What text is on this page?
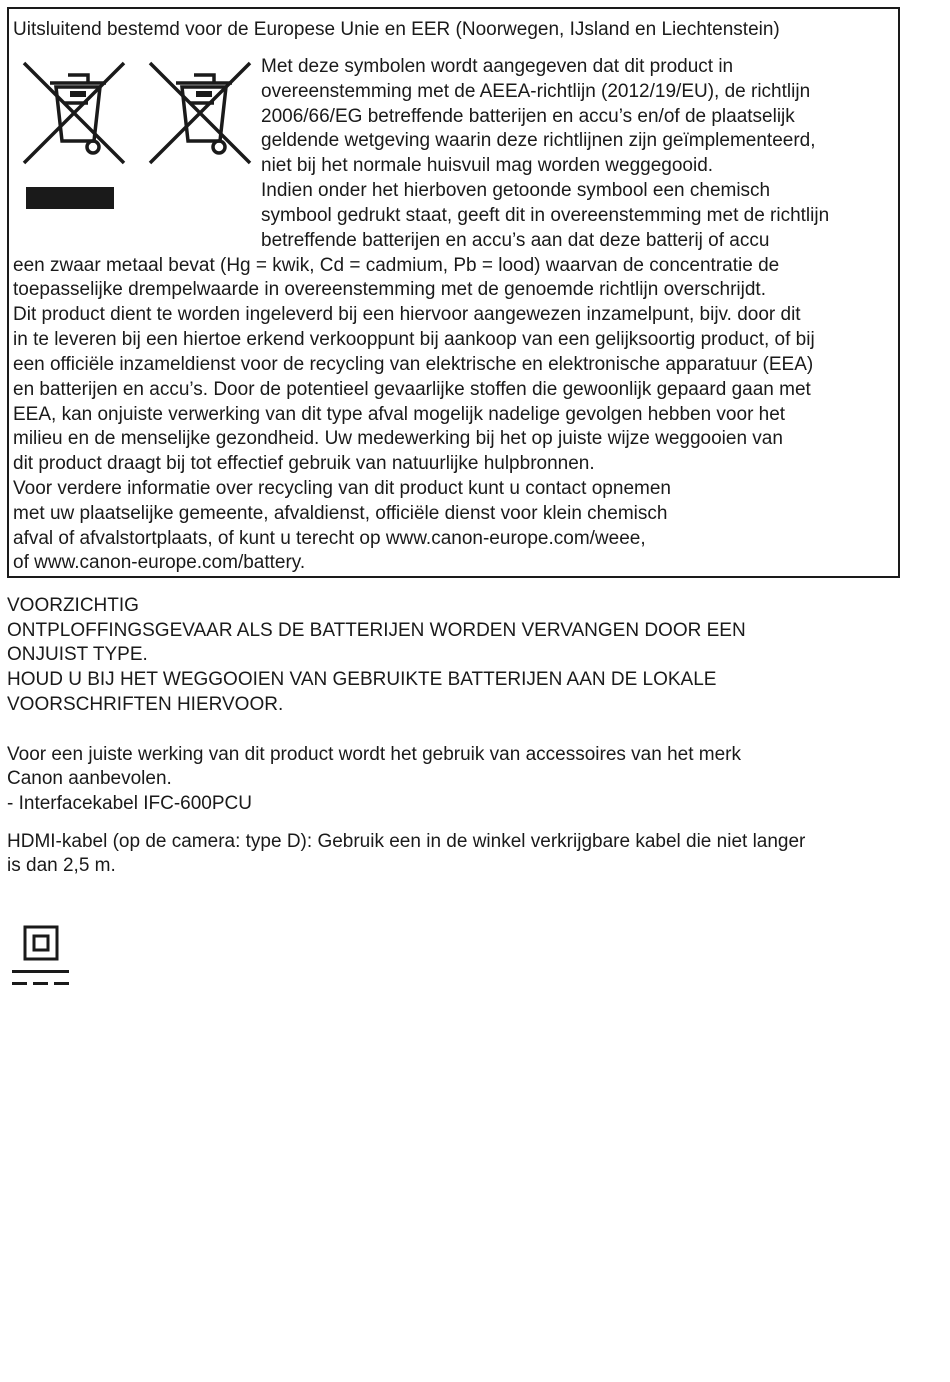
Uitsluitend bestemd voor de Europese Unie en EER (Noorwegen, IJsland en Liechtenstein)
Met deze symbolen wordt aangegeven dat dit product in
overeenstemming met de AEEA-richtlijn (2012/19/EU), de richtlijn
2006/66/EG betreffende batterijen en accu’s en/of de plaatselijk
geldende wetgeving waarin deze richtlijnen zijn geïmplementeerd,
niet bij het normale huisvuil mag worden weggegooid.
Indien onder het hierboven getoonde symbool een chemisch
symbool gedrukt staat, geeft dit in overeenstemming met de richtlijn
betreffende batterijen en accu’s aan dat deze batterij of accu
een zwaar metaal bevat (Hg = kwik, Cd = cadmium, Pb = lood) waarvan de concentratie de
toepasselijke drempelwaarde in overeenstemming met de genoemde richtlijn overschrijdt.
Dit product dient te worden ingeleverd bij een hiervoor aangewezen inzamelpunt, bijv. door dit
in te leveren bij een hiertoe erkend verkooppunt bij aankoop van een gelijksoortig product, of bij
een officiële inzameldienst voor de recycling van elektrische en elektronische apparatuur (EEA)
en batterijen en accu’s. Door de potentieel gevaarlijke stoffen die gewoonlijk gepaard gaan met
EEA, kan onjuiste verwerking van dit type afval mogelijk nadelige gevolgen hebben voor het
milieu en de menselijke gezondheid. Uw medewerking bij het op juiste wijze weggooien van
dit product draagt bij tot effectief gebruik van natuurlijke hulpbronnen.
Voor verdere informatie over recycling van dit product kunt u contact opnemen
met uw plaatselijke gemeente, afvaldienst, officiële dienst voor klein chemisch
afval of afvalstortplaats, of kunt u terecht op www.canon-europe.com/weee,
of www.canon-europe.com/battery.
VOORZICHTIG
ONTPLOFFINGSGEVAAR ALS DE BATTERIJEN WORDEN VERVANGEN DOOR EEN
ONJUIST TYPE.
HOUD U BIJ HET WEGGOOIEN VAN GEBRUIKTE BATTERIJEN AAN DE LOKALE
VOORSCHRIFTEN HIERVOOR.
Voor een juiste werking van dit product wordt het gebruik van accessoires van het merk
Canon aanbevolen.
- Interfacekabel IFC-600PCU
HDMI-kabel (op de camera: type D): Gebruik een in de winkel verkrijgbare kabel die niet langer
is dan 2,5 m.
